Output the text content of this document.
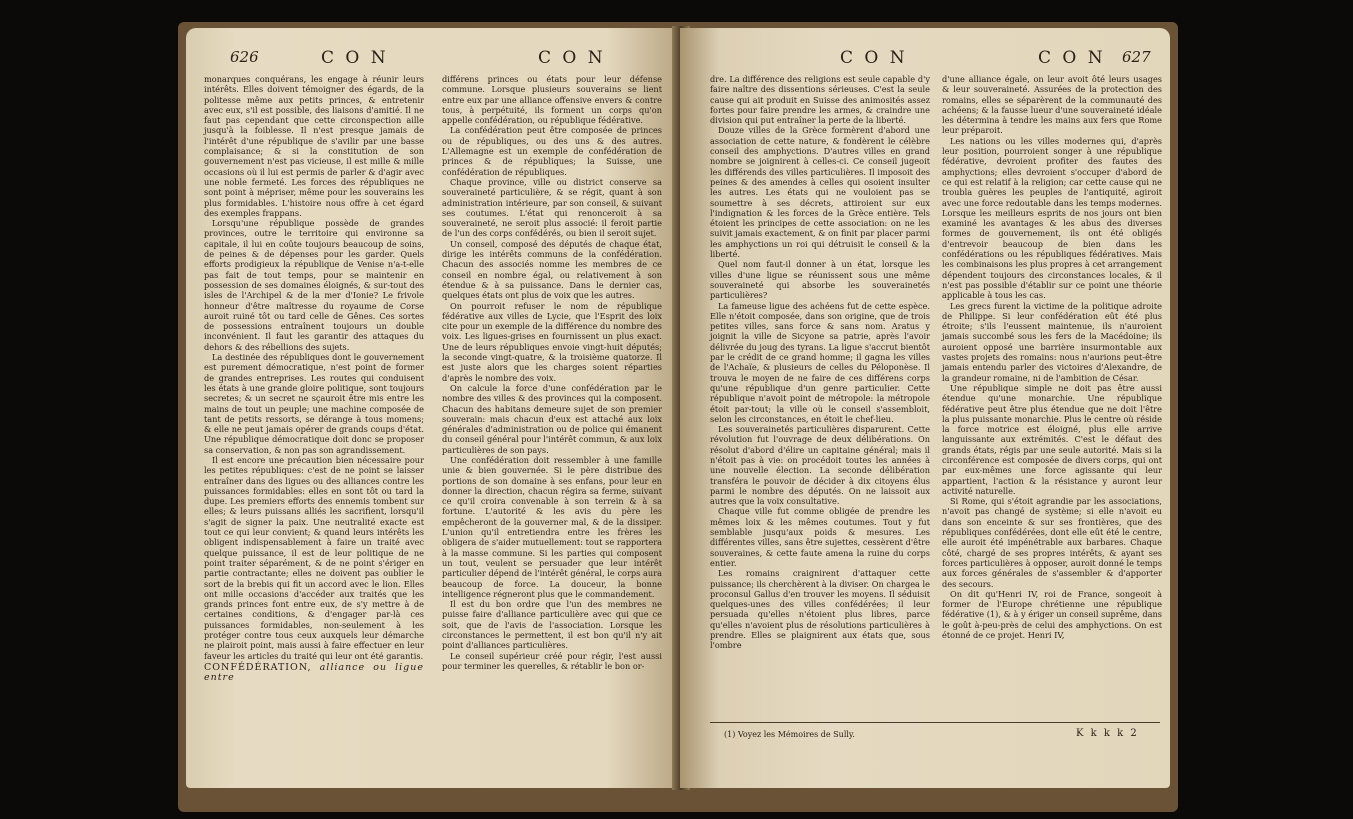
626	C O N	C O N

monarques conquérans, les engage à réunir leurs intérêts. Elles doivent témoigner des égards, de la politesse même aux petits princes, & entretenir avec eux, s'il est possible, des liaisons d'amitié. Il ne faut pas cependant que cette circonspection aille jusqu'à la foiblesse. Il n'est presque jamais de l'intérêt d'une république de s'avilir par une basse complaisance; & si la constitution de son gouvernement n'est pas vicieuse, il est mille & mille occasions où il lui est permis de parler & d'agir avec une noble fermeté. Les forces des républiques ne sont point à mépriser, même pour les souverains les plus formidables. L'histoire nous offre à cet égard des exemples frappans.

Lorsqu'une république possède de grandes provinces, outre le territoire qui environne sa capitale, il lui en coûte toujours beaucoup de soins, de peines & de dépenses pour les garder. Quels efforts prodigieux la république de Venise n'a-t-elle pas fait de tout temps, pour se maintenir en possession de ses domaines éloignés, & sur-tout des isles de l'Archipel & de la mer d'Ionie? Le frivole honneur d'être maîtresse du royaume de Corse auroit ruiné tôt ou tard celle de Gênes. Ces sortes de possessions entraînent toujours un double inconvénient. Il faut les garantir des attaques du dehors & des rébellions des sujets.

La destinée des républiques dont le gouvernement est purement démocratique, n'est point de former de grandes entreprises. Les routes qui conduisent les états à une grande gloire politique, sont toujours secretes; & un secret ne sçauroit être mis entre les mains de tout un peuple; une machine composée de tant de petits ressorts, se dérange à tous momens; & elle ne peut jamais opérer de grands coups d'état. Une république démocratique doit donc se proposer sa conservation, & non pas son agrandissement.

Il est encore une précaution bien nécessaire pour les petites républiques: c'est de ne point se laisser entraîner dans des ligues ou des alliances contre les puissances formidables: elles en sont tôt ou tard la dupe. Les premiers efforts des ennemis tombent sur elles; & leurs puissans alliés les sacrifient, lorsqu'il s'agit de signer la paix. Une neutralité exacte est tout ce qui leur convient; & quand leurs intérêts les obligent indispensablement à faire un traité avec quelque puissance, il est de leur politique de ne point traiter séparément, & de ne point s'ériger en partie contractante; elles ne doivent pas oublier le sort de la brebis qui fit un accord avec le lion. Elles ont mille occasions d'accéder aux traités que les grands princes font entre eux, de s'y mettre à de certaines conditions, & d'engager par-là ces puissances formidables, non-seulement à les protéger contre tous ceux auxquels leur démarche ne plairoit point, mais aussi à faire effectuer en leur faveur les articles du traité qui leur ont été garantis.

CONFÉDÉRATION, alliance ou ligue entre

différens princes ou états pour leur défense commune. Lorsque plusieurs souverains se lient entre eux par une alliance offensive envers & contre tous, à perpétuité, ils forment un corps qu'on appelle confédération, ou république fédérative.

La confédération peut être composée de princes ou de républiques, ou des uns & des autres. L'Allemagne est un exemple de confédération de princes & de républiques; la Suisse, une confédération de républiques.

Chaque province, ville ou district conserve sa souveraineté particulière, & se régit, quant à son administration intérieure, par son conseil, & suivant ses coutumes. L'état qui renonceroit à sa souveraineté, ne seroit plus associé: il feroit partie de l'un des corps confédérés, ou bien il seroit sujet.

Un conseil, composé des députés de chaque état, dirige les intérêts communs de la confédération. Chacun des associés nomme les membres de ce conseil en nombre égal, ou relativement à son étendue & à sa puissance. Dans le dernier cas, quelques états ont plus de voix que les autres.

On pourroit refuser le nom de république fédérative aux villes de Lycie, que l'Esprit des loix cite pour un exemple de la différence du nombre des voix. Les ligues-grises en fournissent un plus exact. Une de leurs républiques envoie vingt-huit députés; la seconde vingt-quatre, & la troisième quatorze. Il est juste alors que les charges soient réparties d'après le nombre des voix.

On calcule la force d'une confédération par le nombre des villes & des provinces qui la composent. Chacun des habitans demeure sujet de son premier souverain: mais chacun d'eux est attaché aux loix générales d'administration ou de police qui émanent du conseil général pour l'intérêt commun, & aux loix particulières de son pays.

Une confédération doit ressembler à une famille unie & bien gouvernée. Si le père distribue des portions de son domaine à ses enfans, pour leur en donner la direction, chacun régira sa ferme, suivant ce qu'il croira convenable à son terrein & à sa fortune. L'autorité & les avis du père les empêcheront de la gouverner mal, & de la dissiper. L'union qu'il entretiendra entre les frères les obligera de s'aider mutuellement: tout se rapportera à la masse commune. Si les parties qui composent un tout, veulent se persuader que leur intérêt particulier dépend de l'intérêt général, le corps aura beaucoup de force. La douceur, la bonne intelligence régneront plus que le commandement.

Il est du bon ordre que l'un des membres ne puisse faire d'alliance particulière avec qui que ce soit, que de l'avis de l'association. Lorsque les circonstances le permettent, il est bon qu'il n'y ait point d'alliances particulières.

Le conseil supérieur créé pour régir, l'est aussi pour terminer les querelles, & rétablir le bon or-

C O N	C O N 627

dre. La différence des religions est seule capable d'y faire naître des dissentions sérieuses. C'est la seule cause qui ait produit en Suisse des animosités assez fortes pour faire prendre les armes, & craindre une division qui put entraîner la perte de la liberté.

Douze villes de la Grèce formèrent d'abord une association de cette nature, & fondèrent le célèbre conseil des amphyctions. D'autres villes en grand nombre se joignirent à celles-ci. Ce conseil jugeoit les différends des villes particulières. Il imposoit des peines & des amendes à celles qui osoient insulter les autres. Les états qui ne vouloient pas se soumettre à ses décrets, attiroient sur eux l'indignation & les forces de la Grèce entière. Tels étoient les principes de cette association: on ne les suivit jamais exactement, & on finit par placer parmi les amphyctions un roi qui détruisit le conseil & la liberté.

Quel nom faut-il donner à un état, lorsque les villes d'une ligue se réunissent sous une même souveraineté qui absorbe les souverainetés particulières?

La fameuse ligue des achéens fut de cette espèce. Elle n'étoit composée, dans son origine, que de trois petites villes, sans force & sans nom. Aratus y joignit la ville de Sicyone sa patrie, après l'avoir délivrée du joug des tyrans. La ligue s'accrut bientôt par le crédit de ce grand homme; il gagna les villes de l'Achaïe, & plusieurs de celles du Péloponèse. Il trouva le moyen de ne faire de ces différens corps qu'une république d'un genre particulier. Cette république n'avoit point de métropole: la métropole étoit par-tout; la ville où le conseil s'assembloit, selon les circonstances, en étoit le chef-lieu.

Les souverainetés particulières disparurent. Cette révolution fut l'ouvrage de deux délibérations. On résolut d'abord d'élire un capitaine général; mais il n'étoit pas à vie: on procédoit toutes les années à une nouvelle élection. La seconde délibération transféra le pouvoir de décider à dix citoyens élus parmi le nombre des députés. On ne laissoit aux autres que la voix consultative.

Chaque ville fut comme obligée de prendre les mêmes loix & les mêmes coutumes. Tout y fut semblable jusqu'aux poids & mesures. Les différentes villes, sans être sujettes, cessèrent d'être souveraines, & cette faute amena la ruine du corps entier.

Les romains craignirent d'attaquer cette puissance; ils cherchèrent à la diviser. On chargea le proconsul Gallus d'en trouver les moyens. Il séduisit quelques-unes des villes confédérées; il leur persuada qu'elles n'étoient plus libres, parce qu'elles n'avoient plus de résolutions particulières à prendre. Elles se plaignirent aux états que, sous l'ombre

d'une alliance égale, on leur avoit ôté leurs usages & leur souveraineté. Assurées de la protection des romains, elles se séparèrent de la communauté des achéens; & la fausse lueur d'une souveraineté idéale les détermina à tendre les mains aux fers que Rome leur préparoit.

Les nations ou les villes modernes qui, d'après leur position, pourroient songer à une république fédérative, devroient profiter des fautes des amphyctions; elles devroient s'occuper d'abord de ce qui est relatif à la religion; car cette cause qui ne troubla guères les peuples de l'antiquité, agiroit avec une force redoutable dans les temps modernes. Lorsque les meilleurs esprits de nos jours ont bien examiné les avantages & les abus des diverses formes de gouvernement, ils ont été obligés d'entrevoir beaucoup de bien dans les confédérations ou les républiques fédératives. Mais les combinaisons les plus propres à cet arrangement dépendent toujours des circonstances locales, & il n'est pas possible d'établir sur ce point une théorie applicable à tous les cas.

Les grecs furent la victime de la politique adroite de Philippe. Si leur confédération eût été plus étroite; s'ils l'eussent maintenue, ils n'auroient jamais succombé sous les fers de la Macédoine; ils auroient opposé une barrière insurmontable aux vastes projets des romains: nous n'aurions peut-être jamais entendu parler des victoires d'Alexandre, de la grandeur romaine, ni de l'ambition de César.

Une république simple ne doit pas être aussi étendue qu'une monarchie. Une république fédérative peut être plus étendue que ne doit l'être la plus puissante monarchie. Plus le centre où réside la force motrice est éloigné, plus elle arrive languissante aux extrémités. C'est le défaut des grands états, régis par une seule autorité. Mais si la circonférence est composée de divers corps, qui ont par eux-mêmes une force agissante qui leur appartient, l'action & la résistance y auront leur activité naturelle.

Si Rome, qui s'étoit agrandie par les associations, n'avoit pas changé de système; si elle n'avoit eu dans son enceinte & sur ses frontières, que des républiques confédérées, dont elle eût été le centre, elle auroit été impénétrable aux barbares. Chaque côté, chargé de ses propres intérêts, & ayant ses forces particulières à opposer, auroit donné le temps aux forces générales de s'assembler & d'apporter des secours.

On dit qu'Henri IV, roi de France, songeoit à former de l'Europe chrétienne une république fédérative (1), & à y ériger un conseil suprême, dans le goût à-peu-près de celui des amphyctions. On est étonné de ce projet. Henri IV,

(1) Voyez les Mémoires de Sully.	K k k k 2
